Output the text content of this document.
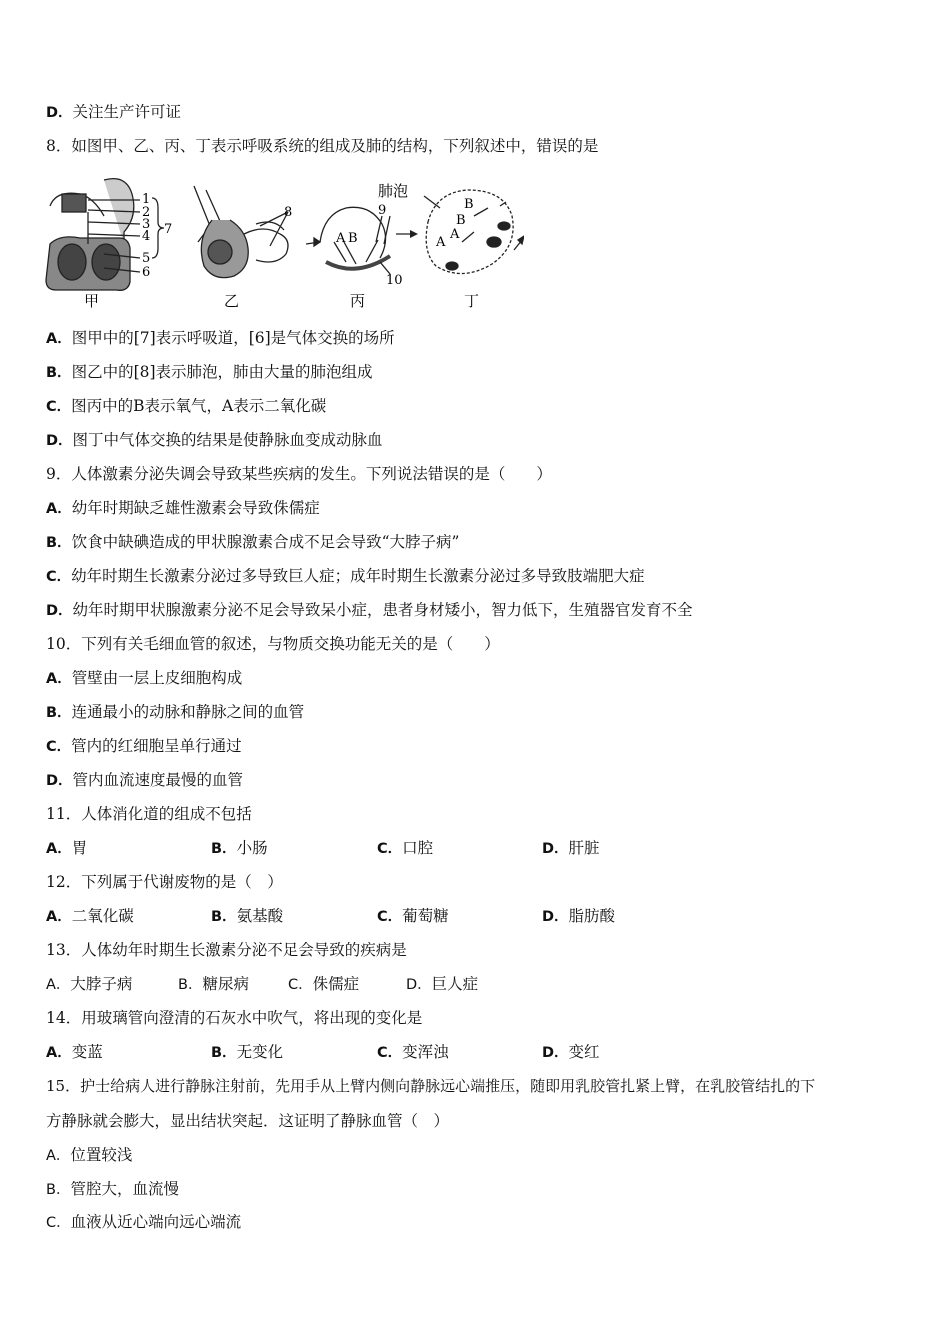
D．关注生产许可证
8．如图甲、乙、丙、丁表示呼吸系统的组成及肺的结构，下列叙述中，错误的是
1
2
3
4
5
6
7
甲
8
乙
A B
9
10
丙
肺泡
B
B
A
A
丁
A．图甲中的[7]表示呼吸道，[6]是气体交换的场所
B．图乙中的[8]表示肺泡，肺由大量的肺泡组成
C．图丙中的B表示氧气，A表示二氧化碳
D．图丁中气体交换的结果是使静脉血变成动脉血
9．人体激素分泌失调会导致某些疾病的发生。下列说法错误的是（　　）
A．幼年时期缺乏雄性激素会导致侏儒症
B．饮食中缺碘造成的甲状腺激素合成不足会导致“大脖子病”
C．幼年时期生长激素分泌过多导致巨人症；成年时期生长激素分泌过多导致肢端肥大症
D．幼年时期甲状腺激素分泌不足会导致呆小症，患者身材矮小，智力低下，生殖器官发育不全
10．下列有关毛细血管的叙述，与物质交换功能无关的是（　　）
A．管壁由一层上皮细胞构成
B．连通最小的动脉和静脉之间的血管
C．管内的红细胞呈单行通过
D．管内血流速度最慢的血管
11．人体消化道的组成不包括
A．胃	B．小肠	C．口腔	D．肝脏
12．下列属于代谢废物的是（　）
A．二氧化碳	B．氨基酸	C．葡萄糖	D．脂肪酸
13．人体幼年时期生长激素分泌不足会导致的疾病是
A．大脖子病	B．糖尿病	C．侏儒症	D．巨人症
14．用玻璃管向澄清的石灰水中吹气，将出现的变化是
A．变蓝	B．无变化	C．变浑浊	D．变红
15．护士给病人进行静脉注射前，先用手从上臂内侧向静脉远心端推压，随即用乳胶管扎紧上臂，在乳胶管结扎的下
方静脉就会膨大，显出结状突起．这证明了静脉血管（　）
A．位置较浅
B．管腔大，血流慢
C．血液从近心端向远心端流
